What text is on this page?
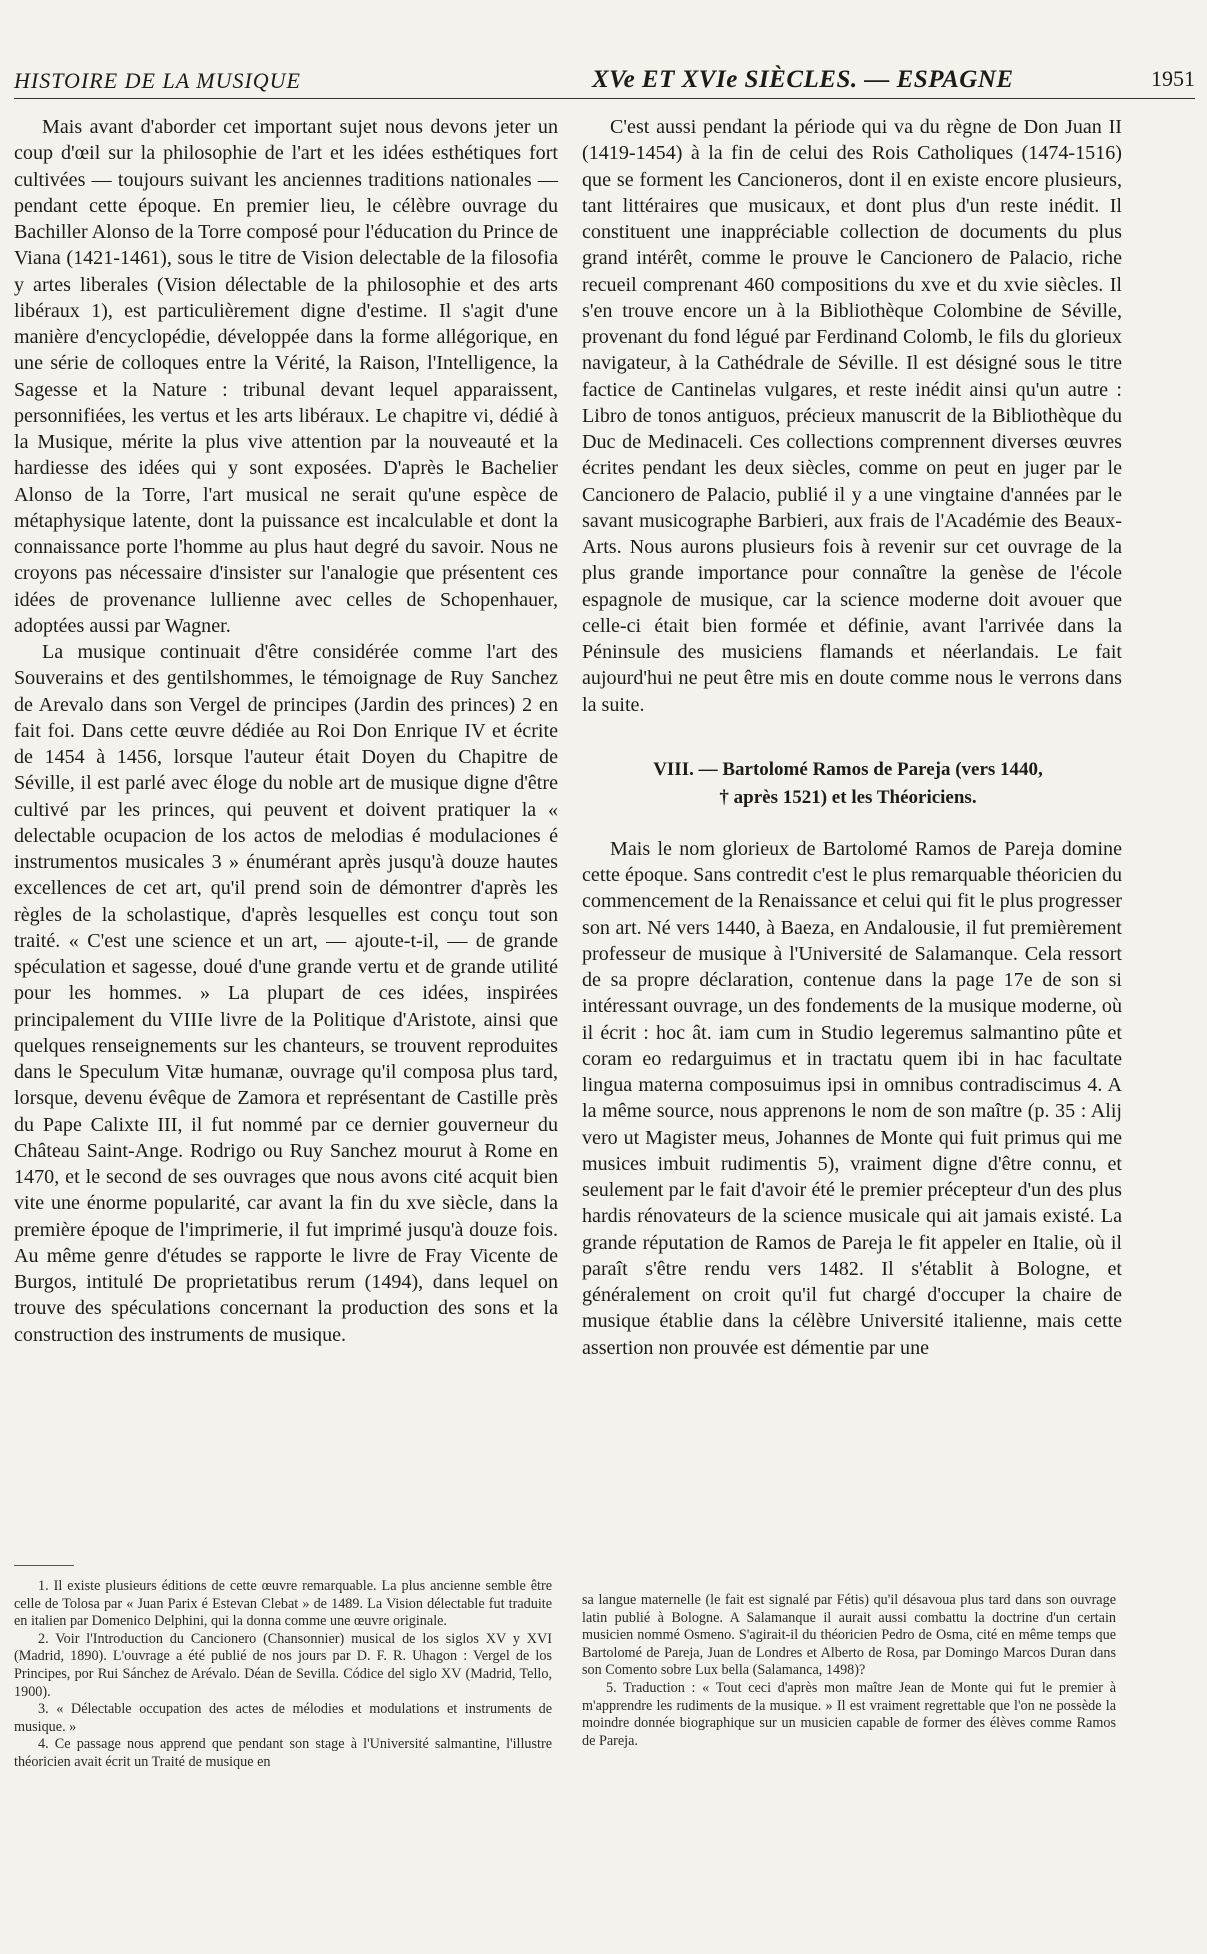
HISTOIRE DE LA MUSIQUE	XVe ET XVIe SIÈCLES. — ESPAGNE	1951

Mais avant d'aborder cet important sujet nous devons jeter un coup d'œil sur la philosophie de l'art et les idées esthétiques fort cultivées — toujours suivant les anciennes traditions nationales — pendant cette époque. En premier lieu, le célèbre ouvrage du Bachiller Alonso de la Torre composé pour l'éducation du Prince de Viana (1421-1461), sous le titre de Vision delectable de la filosofia y artes liberales (Vision délectable de la philosophie et des arts libéraux 1), est particulièrement digne d'estime. Il s'agit d'une manière d'encyclopédie, développée dans la forme allégorique, en une série de colloques entre la Vérité, la Raison, l'Intelligence, la Sagesse et la Nature : tribunal devant lequel apparaissent, personnifiées, les vertus et les arts libéraux. Le chapitre vi, dédié à la Musique, mérite la plus vive attention par la nouveauté et la hardiesse des idées qui y sont exposées. D'après le Bachelier Alonso de la Torre, l'art musical ne serait qu'une espèce de métaphysique latente, dont la puissance est incalculable et dont la connaissance porte l'homme au plus haut degré du savoir. Nous ne croyons pas nécessaire d'insister sur l'analogie que présentent ces idées de provenance lullienne avec celles de Schopenhauer, adoptées aussi par Wagner.

La musique continuait d'être considérée comme l'art des Souverains et des gentilshommes, le témoignage de Ruy Sanchez de Arevalo dans son Vergel de principes (Jardin des princes) 2 en fait foi. Dans cette œuvre dédiée au Roi Don Enrique IV et écrite de 1454 à 1456, lorsque l'auteur était Doyen du Chapitre de Séville, il est parlé avec éloge du noble art de musique digne d'être cultivé par les princes, qui peuvent et doivent pratiquer la « delectable ocupacion de los actos de melodias é modulaciones é instrumentos musicales 3 » énumérant après jusqu'à douze hautes excellences de cet art, qu'il prend soin de démontrer d'après les règles de la scholastique, d'après lesquelles est conçu tout son traité. « C'est une science et un art, — ajoute-t-il, — de grande spéculation et sagesse, doué d'une grande vertu et de grande utilité pour les hommes. » La plupart de ces idées, inspirées principalement du VIIIe livre de la Politique d'Aristote, ainsi que quelques renseignements sur les chanteurs, se trouvent reproduites dans le Speculum Vitæ humanæ, ouvrage qu'il composa plus tard, lorsque, devenu évêque de Zamora et représentant de Castille près du Pape Calixte III, il fut nommé par ce dernier gouverneur du Château Saint-Ange. Rodrigo ou Ruy Sanchez mourut à Rome en 1470, et le second de ses ouvrages que nous avons cité acquit bien vite une énorme popularité, car avant la fin du xve siècle, dans la première époque de l'imprimerie, il fut imprimé jusqu'à douze fois. Au même genre d'études se rapporte le livre de Fray Vicente de Burgos, intitulé De proprietatibus rerum (1494), dans lequel on trouve des spéculations concernant la production des sons et la construction des instruments de musique.

C'est aussi pendant la période qui va du règne de Don Juan II (1419-1454) à la fin de celui des Rois Catholiques (1474-1516) que se forment les Cancioneros, dont il en existe encore plusieurs, tant littéraires que musicaux, et dont plus d'un reste inédit. Il constituent une inappréciable collection de documents du plus grand intérêt, comme le prouve le Cancionero de Palacio, riche recueil comprenant 460 compositions du xve et du xvie siècles. Il s'en trouve encore un à la Bibliothèque Colombine de Séville, provenant du fond légué par Ferdinand Colomb, le fils du glorieux navigateur, à la Cathédrale de Séville. Il est désigné sous le titre factice de Cantinelas vulgares, et reste inédit ainsi qu'un autre : Libro de tonos antiguos, précieux manuscrit de la Bibliothèque du Duc de Medinaceli. Ces collections comprennent diverses œuvres écrites pendant les deux siècles, comme on peut en juger par le Cancionero de Palacio, publié il y a une vingtaine d'années par le savant musicographe Barbieri, aux frais de l'Académie des Beaux-Arts. Nous aurons plusieurs fois à revenir sur cet ouvrage de la plus grande importance pour connaître la genèse de l'école espagnole de musique, car la science moderne doit avouer que celle-ci était bien formée et définie, avant l'arrivée dans la Péninsule des musiciens flamands et néerlandais. Le fait aujourd'hui ne peut être mis en doute comme nous le verrons dans la suite.

VIII. — Bartolomé Ramos de Pareja (vers 1440,
† après 1521) et les Théoriciens.

Mais le nom glorieux de Bartolomé Ramos de Pareja domine cette époque. Sans contredit c'est le plus remarquable théoricien du commencement de la Renaissance et celui qui fit le plus progresser son art. Né vers 1440, à Baeza, en Andalousie, il fut premièrement professeur de musique à l'Université de Salamanque. Cela ressort de sa propre déclaration, contenue dans la page 17e de son si intéressant ouvrage, un des fondements de la musique moderne, où il écrit : hoc ât. iam cum in Studio legeremus salmantino pûte et coram eo redarguimus et in tractatu quem ibi in hac facultate lingua materna composuimus ipsi in omnibus contradiscimus 4. A la même source, nous apprenons le nom de son maître (p. 35 : Alij vero ut Magister meus, Johannes de Monte qui fuit primus qui me musices imbuit rudimentis 5), vraiment digne d'être connu, et seulement par le fait d'avoir été le premier précepteur d'un des plus hardis rénovateurs de la science musicale qui ait jamais existé. La grande réputation de Ramos de Pareja le fit appeler en Italie, où il paraît s'être rendu vers 1482. Il s'établit à Bologne, et généralement on croit qu'il fut chargé d'occuper la chaire de musique établie dans la célèbre Université italienne, mais cette assertion non prouvée est démentie par une

1. Il existe plusieurs éditions de cette œuvre remarquable. La plus ancienne semble être celle de Tolosa par « Juan Parix é Estevan Clebat » de 1489. La Vision délectable fut traduite en italien par Domenico Delphini, qui la donna comme une œuvre originale.

2. Voir l'Introduction du Cancionero (Chansonnier) musical de los siglos XV y XVI (Madrid, 1890). L'ouvrage a été publié de nos jours par D. F. R. Uhagon : Vergel de los Principes, por Rui Sánchez de Arévalo. Déan de Sevilla. Códice del siglo XV (Madrid, Tello, 1900).

3. « Délectable occupation des actes de mélodies et modulations et instruments de musique. »

4. Ce passage nous apprend que pendant son stage à l'Université salmantine, l'illustre théoricien avait écrit un Traité de musique en

sa langue maternelle (le fait est signalé par Fétis) qu'il désavoua plus tard dans son ouvrage latin publié à Bologne. A Salamanque il aurait aussi combattu la doctrine d'un certain musicien nommé Osmeno. S'agirait-il du théoricien Pedro de Osma, cité en même temps que Bartolomé de Pareja, Juan de Londres et Alberto de Rosa, par Domingo Marcos Duran dans son Comento sobre Lux bella (Salamanca, 1498)?

5. Traduction : « Tout ceci d'après mon maître Jean de Monte qui fut le premier à m'apprendre les rudiments de la musique. » Il est vraiment regrettable que l'on ne possède la moindre donnée biographique sur un musicien capable de former des élèves comme Ramos de Pareja.
